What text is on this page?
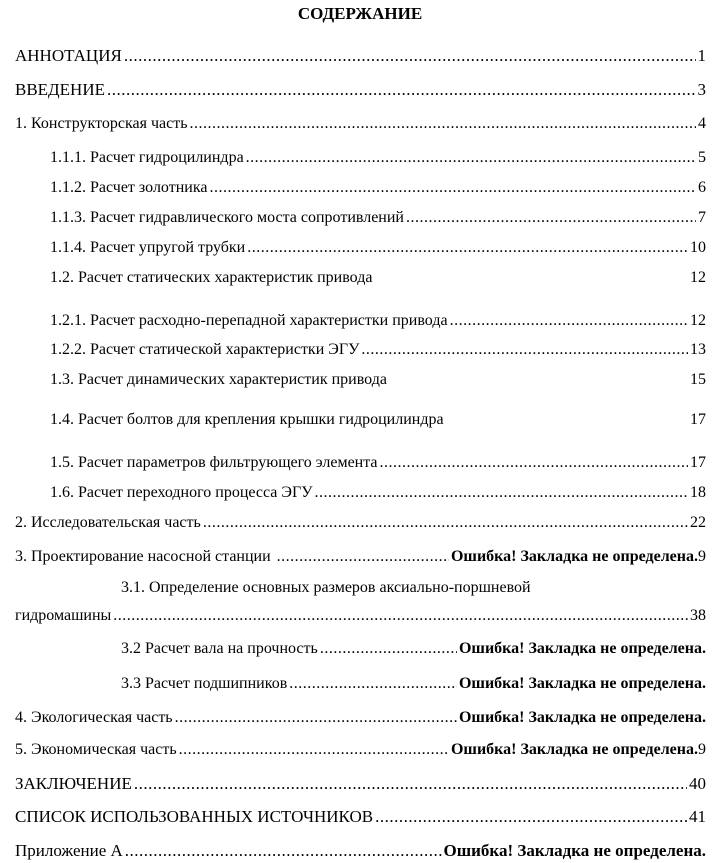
СОДЕРЖАНИЕ
АННОТАЦИЯ .....	1
ВВЕДЕНИЕ .....	3
1. Конструкторская часть .....	4
1.1.1. Расчет гидроцилиндра .....	5
1.1.2. Расчет золотника .....	6
1.1.3. Расчет гидравлического моста сопротивлений .....	7
1.1.4. Расчет упругой трубки .....	10
1.2. Расчет статических характеристик привода	12
1.2.1. Расчет расходно-перепадной характеристки привода .....	12
1.2.2. Расчет статической характеристки ЭГУ .....	13
1.3. Расчет динамических характеристик привода	15
1.4. Расчет болтов для крепления крышки гидроцилиндра	17
1.5. Расчет параметров фильтрующего элемента .....	17
1.6. Расчет переходного процесса ЭГУ .....	18
2. Исследовательская часть .....	22
3. Проектирование насосной станции .....	Ошибка! Закладка не определена. 9
3.1. Определение основных размеров аксиально-поршневой
гидромашины .....	38
3.2 Расчет вала на прочность .....	Ошибка! Закладка не определена.
3.3 Расчет подшипников .....	Ошибка! Закладка не определена.
4. Экологическая часть .....	Ошибка! Закладка не определена.
5. Экономическая часть .....	Ошибка! Закладка не определена. 9
ЗАКЛЮЧЕНИЕ .....	40
СПИСОК ИСПОЛЬЗОВАННЫХ ИСТОЧНИКОВ .....	41
Приложение А .....	Ошибка! Закладка не определена.
